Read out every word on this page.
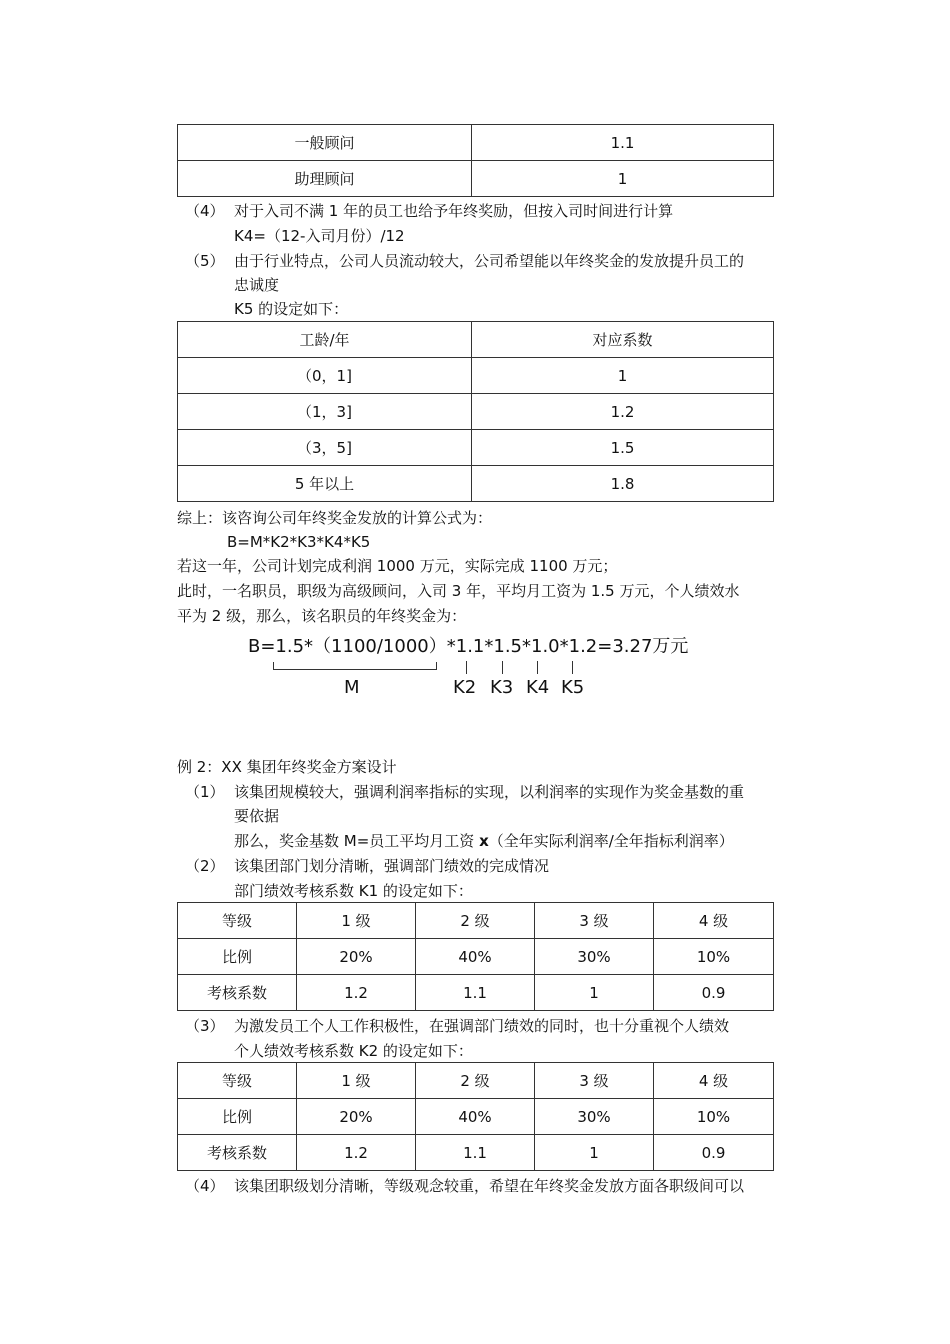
一般顾问	1.1
助理顾问	1
（4） 对于入司不满 1 年的员工也给予年终奖励，但按入司时间进行计算
K4=（12-入司月份）/12
（5） 由于行业特点，公司人员流动较大，公司希望能以年终奖金的发放提升员工的
忠诚度
K5 的设定如下：
工龄/年	对应系数
（0，1]	1
（1，3]	1.2
（3，5]	1.5
5 年以上	1.8
综上：该咨询公司年终奖金发放的计算公式为：
B=M*K2*K3*K4*K5
若这一年，公司计划完成利润 1000 万元，实际完成 1100 万元；
此时，一名职员，职级为高级顾问，入司 3 年，平均月工资为 1.5 万元，个人绩效水
平为 2 级，那么，该名职员的年终奖金为：
B=1.5*（1100/1000）*1.1*1.5*1.0*1.2=3.27万元
M	K2 K3 K4 K5
例 2：XX 集团年终奖金方案设计
（1） 该集团规模较大，强调利润率指标的实现，以利润率的实现作为奖金基数的重
要依据
那么，奖金基数 M=员工平均月工资 x（全年实际利润率/全年指标利润率）
（2） 该集团部门划分清晰，强调部门绩效的完成情况
部门绩效考核系数 K1 的设定如下：
等级	1 级	2 级	3 级	4 级
比例	20%	40%	30%	10%
考核系数	1.2	1.1	1	0.9
（3） 为激发员工个人工作积极性，在强调部门绩效的同时，也十分重视个人绩效
个人绩效考核系数 K2 的设定如下：
等级	1 级	2 级	3 级	4 级
比例	20%	40%	30%	10%
考核系数	1.2	1.1	1	0.9
（4） 该集团职级划分清晰，等级观念较重，希望在年终奖金发放方面各职级间可以
